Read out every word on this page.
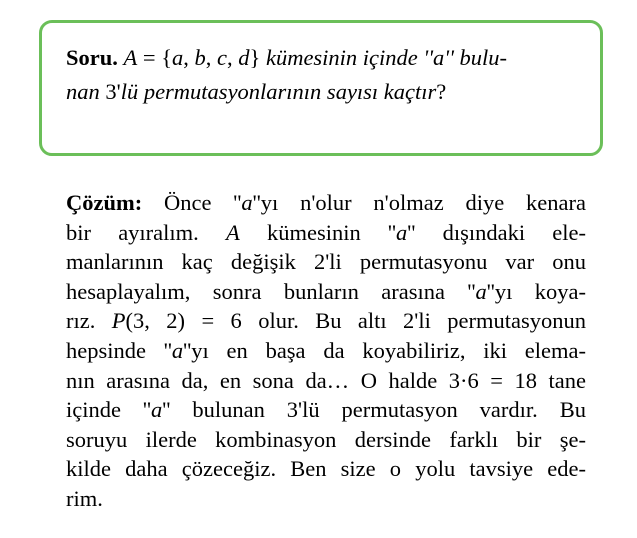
Soru. A = {a, b, c, d} kümesinin içinde ''a'' bulu-
nan 3'lü permutasyonlarının sayısı kaçtır?

Çözüm: Önce ''a''yı n'olur n'olmaz diye kenara
bir ayıralım. A kümesinin ''a'' dışındaki ele-
manlarının kaç değişik 2'li permutasyonu var onu
hesaplayalım, sonra bunların arasına ''a''yı koya-
rız. P(3, 2) = 6 olur. Bu altı 2'li permutasyonun
hepsinde ''a''yı en başa da koyabiliriz, iki elema-
nın arasına da, en sona da… O halde 3·6 = 18 tane
içinde ''a'' bulunan 3'lü permutasyon vardır. Bu
soruyu ilerde kombinasyon dersinde farklı bir şe-
kilde daha çözeceğiz. Ben size o yolu tavsiye ede-
rim.
